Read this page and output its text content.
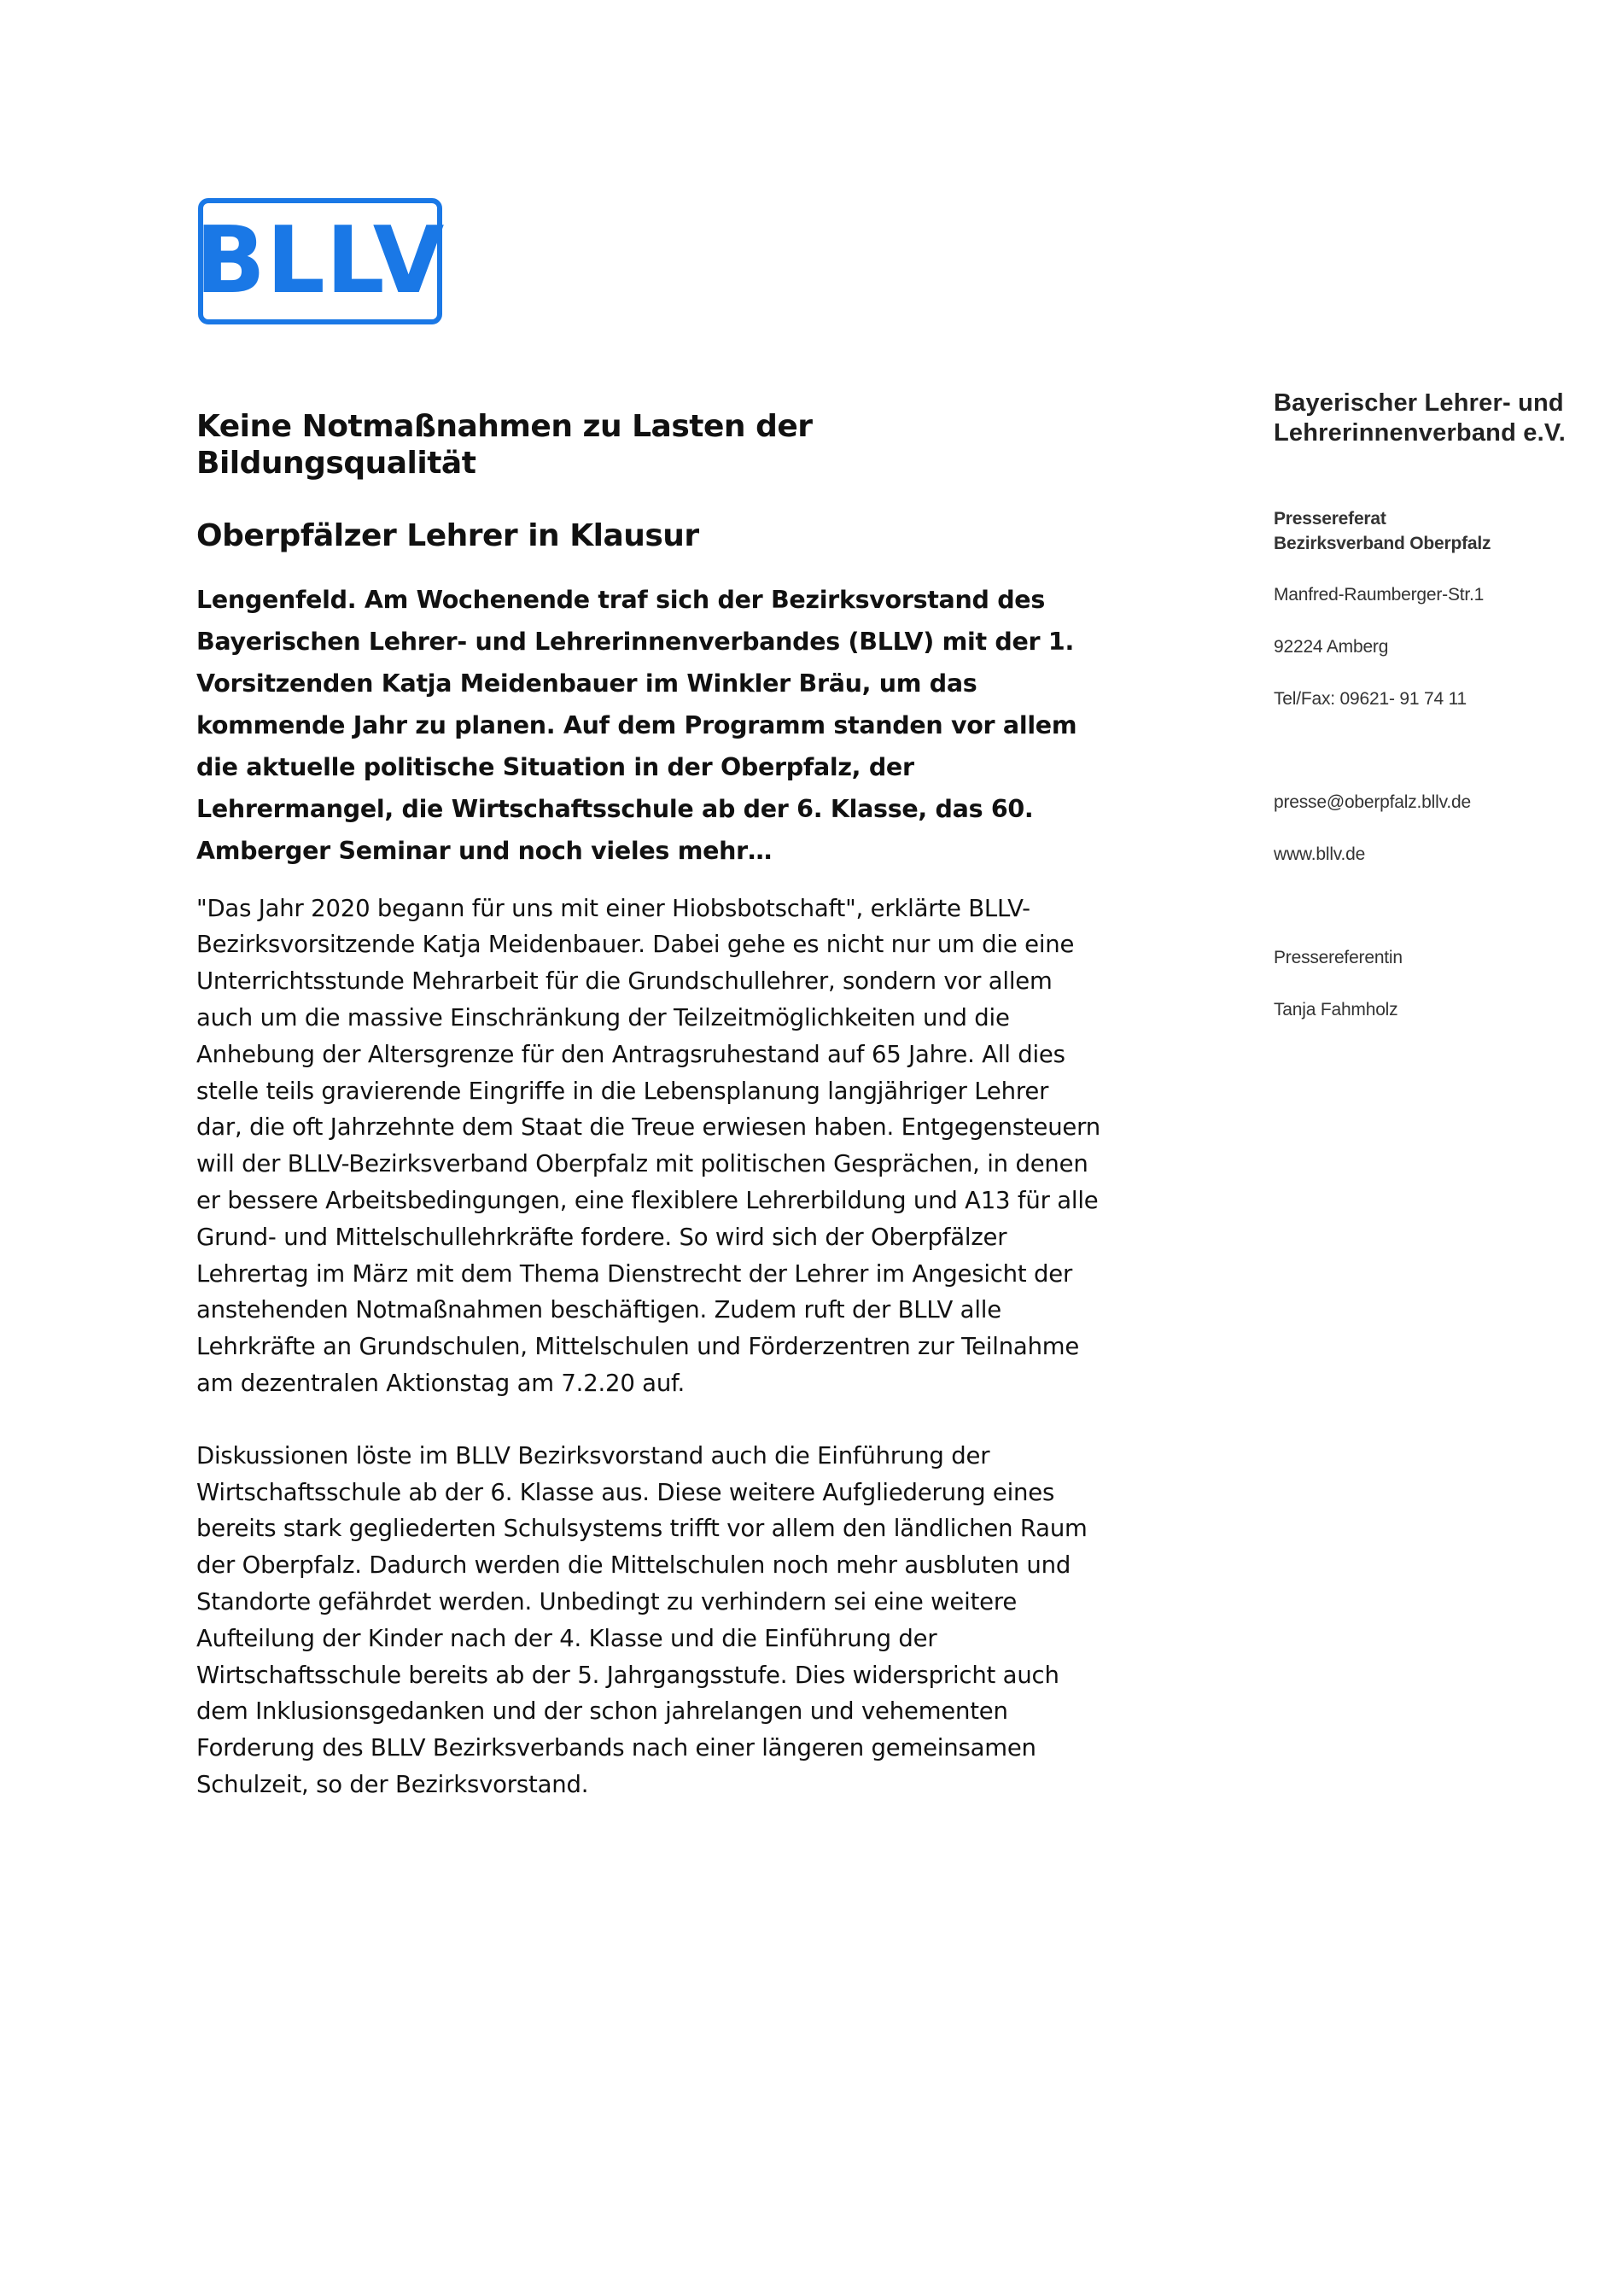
BLLV
Keine Notmaßnahmen zu Lasten der Bildungsqualität
Oberpfälzer Lehrer in Klausur

Lengenfeld. Am Wochenende traf sich der Bezirksvorstand des Bayerischen Lehrer- und Lehrerinnenverbandes (BLLV) mit der 1. Vorsitzenden Katja Meidenbauer im Winkler Bräu, um das kommende Jahr zu planen. Auf dem Programm standen vor allem die aktuelle politische Situation in der Oberpfalz, der Lehrermangel, die Wirtschaftsschule ab der 6. Klasse, das 60. Amberger Seminar und noch vieles mehr…

"Das Jahr 2020 begann für uns mit einer Hiobsbotschaft", erklärte BLLV-Bezirksvorsitzende Katja Meidenbauer. Dabei gehe es nicht nur um die eine Unterrichtsstunde Mehrarbeit für die Grundschullehrer, sondern vor allem auch um die massive Einschränkung der Teilzeitmöglichkeiten und die Anhebung der Altersgrenze für den Antragsruhestand auf 65 Jahre. All dies stelle teils gravierende Eingriffe in die Lebensplanung langjähriger Lehrer dar, die oft Jahrzehnte dem Staat die Treue erwiesen haben. Entgegensteuern will der BLLV-Bezirksverband Oberpfalz mit politischen Gesprächen, in denen er bessere Arbeitsbedingungen, eine flexiblere Lehrerbildung und A13 für alle Grund- und Mittelschullehrkräfte fordere. So wird sich der Oberpfälzer Lehrertag im März mit dem Thema Dienstrecht der Lehrer im Angesicht der anstehenden Notmaßnahmen beschäftigen. Zudem ruft der BLLV alle Lehrkräfte an Grundschulen, Mittelschulen und Förderzentren zur Teilnahme am dezentralen Aktionstag am 7.2.20 auf.

Diskussionen löste im BLLV Bezirksvorstand auch die Einführung der Wirtschaftsschule ab der 6. Klasse aus. Diese weitere Aufgliederung eines bereits stark gegliederten Schulsystems trifft vor allem den ländlichen Raum der Oberpfalz. Dadurch werden die Mittelschulen noch mehr ausbluten und Standorte gefährdet werden. Unbedingt zu verhindern sei eine weitere Aufteilung der Kinder nach der 4. Klasse und die Einführung der Wirtschaftsschule bereits ab der 5. Jahrgangsstufe. Dies widerspricht auch dem Inklusionsgedanken und der schon jahrelangen und vehementen Forderung des BLLV Bezirksverbands nach einer längeren gemeinsamen Schulzeit, so der Bezirksvorstand.

Bayerischer Lehrer- und

Lehrerinnenverband e.V.

Pressereferat

Bezirksverband Oberpfalz

Manfred-Raumberger-Str.1

92224 Amberg

Tel/Fax: 09621- 91 74 11

presse@oberpfalz.bllv.de

www.bllv.de

Pressereferentin

Tanja Fahmholz
